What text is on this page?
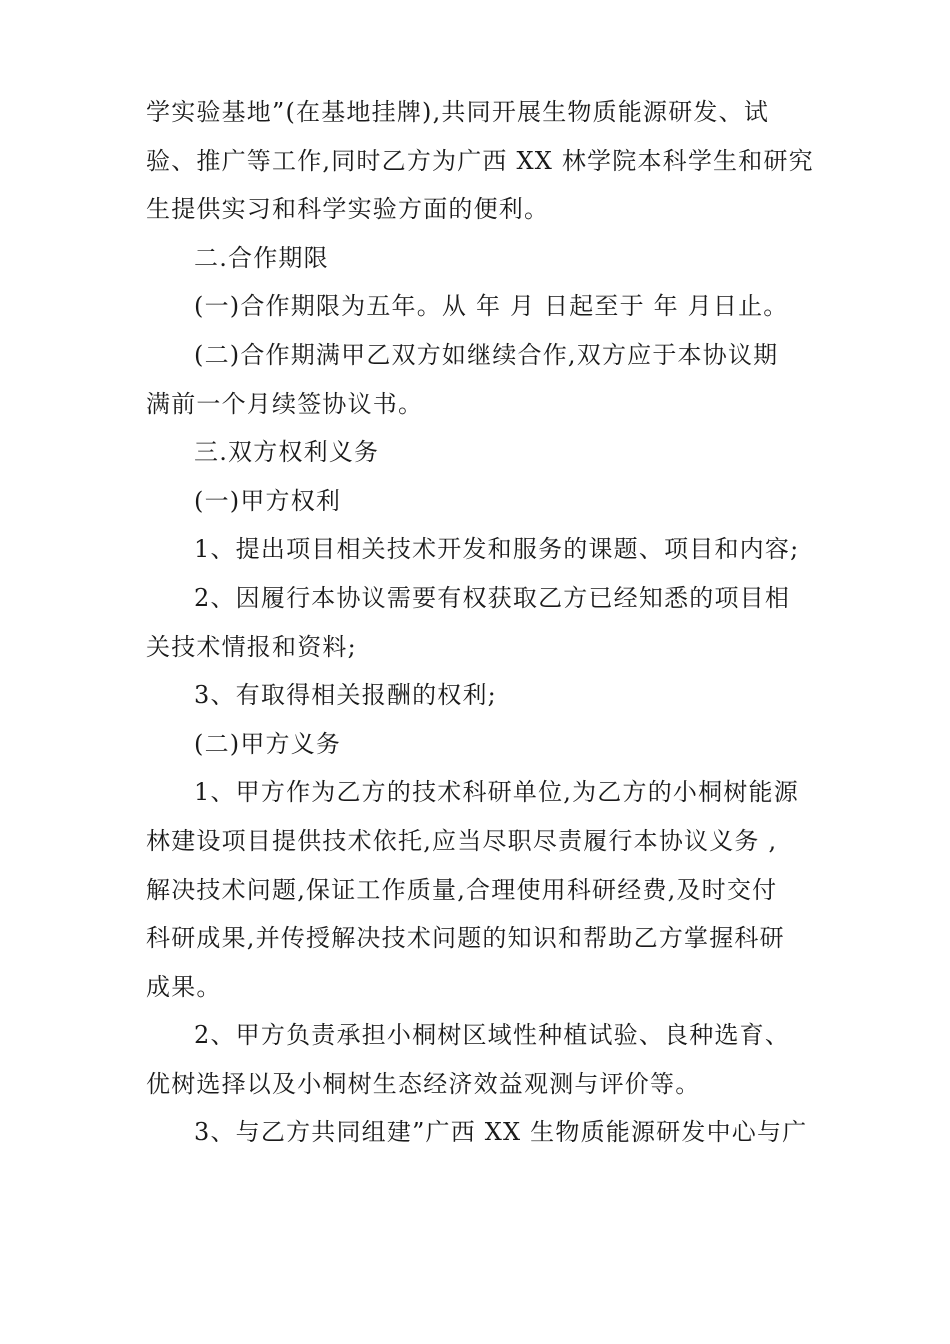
学实验基地”(在基地挂牌),共同开展生物质能源研发、试
验、推广等工作,同时乙方为广西 XX 林学院本科学生和研究
生提供实习和科学实验方面的便利。
二.合作期限
(一)合作期限为五年。从 年 月 日起至于 年 月日止。
(二)合作期满甲乙双方如继续合作,双方应于本协议期
满前一个月续签协议书。
三.双方权利义务
(一)甲方权利
1、提出项目相关技术开发和服务的课题、项目和内容;
2、因履行本协议需要有权获取乙方已经知悉的项目相
关技术情报和资料;
3、有取得相关报酬的权利;
(二)甲方义务
1、甲方作为乙方的技术科研单位,为乙方的小桐树能源
林建设项目提供技术依托,应当尽职尽责履行本协议义务 ,
解决技术问题,保证工作质量,合理使用科研经费,及时交付
科研成果,并传授解决技术问题的知识和帮助乙方掌握科研
成果。
2、甲方负责承担小桐树区域性种植试验、良种选育、
优树选择以及小桐树生态经济效益观测与评价等。
3、与乙方共同组建”广西 XX 生物质能源研发中心与广
